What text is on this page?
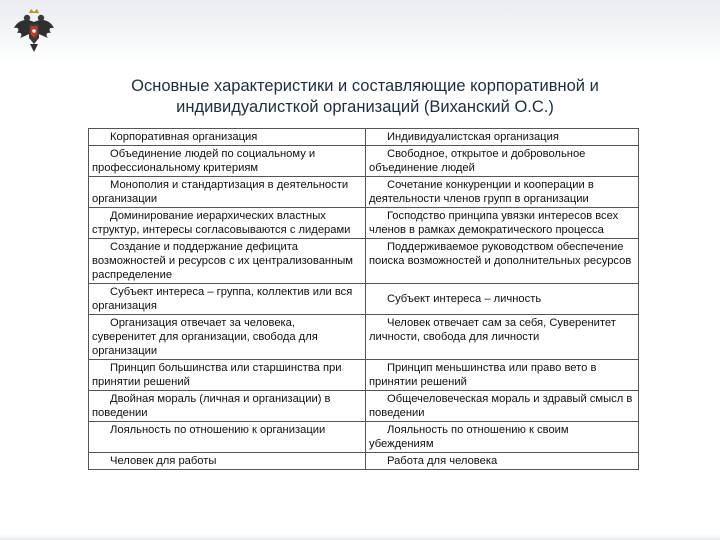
Основные характеристики и составляющие корпоративной и
индивидуалисткой организаций (Виханский О.С.)
Корпоративная организация	Индивидуалистская организация
Объединение людей по социальному и профессиональному критериям	Свободное, открытое и добровольное объединение людей
Монополия и стандартизация в деятельности организации	Сочетание конкуренции и кооперации в деятельности членов групп в организации
Доминирование иерархических властных структур, интересы согласовываются с лидерами	Господство принципа увязки интересов всех членов в рамках демократического процесса
Создание и поддержание дефицита возможностей и ресурсов с их централизованным распределение	Поддерживаемое руководством обеспечение поиска возможностей и дополнительных ресурсов
Субъект интереса – группа, коллектив или вся организация	Субъект интереса – личность
Организация отвечает за человека, суверенитет для организации, свобода для организации	Человек отвечает сам за себя, Суверенитет личности, свобода для личности
Принцип большинства или старшинства при принятии решений	Принцип меньшинства или право вето в принятии решений
Двойная мораль (личная и организации) в поведении	Общечеловеческая мораль и здравый смысл в поведении
Лояльность по отношению к организации	Лояльность по отношению к своим убеждениям
Человек для работы	Работа для человека
